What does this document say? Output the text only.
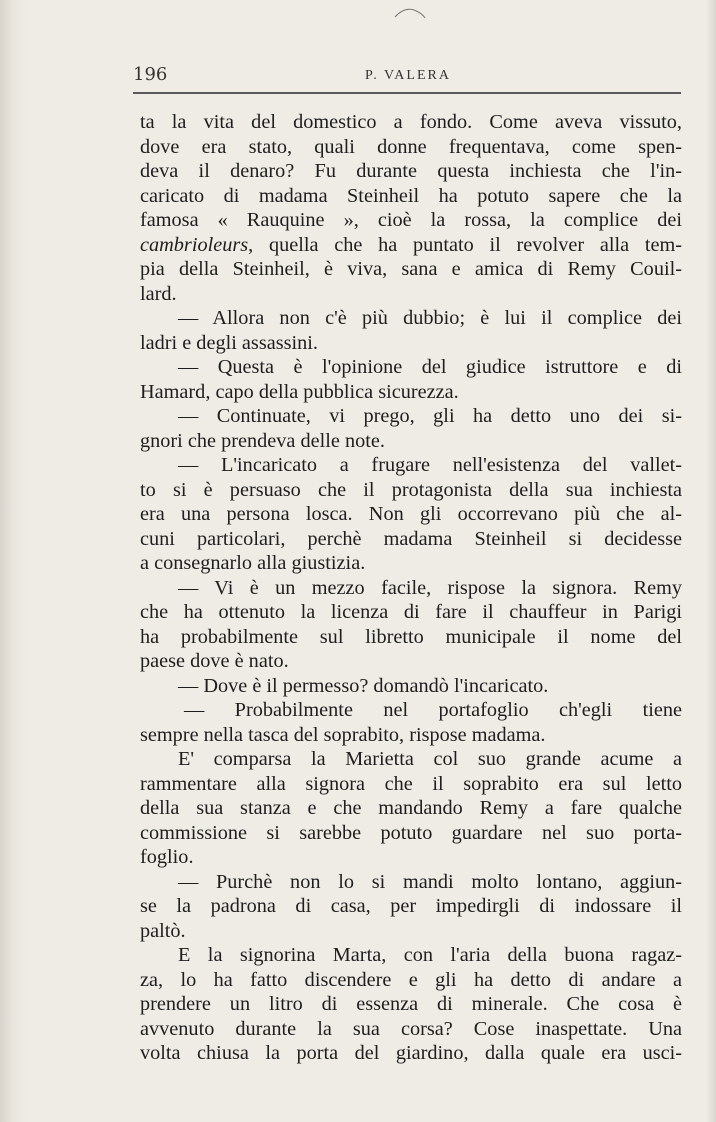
196	P. VALERA
ta la vita del domestico a fondo. Come aveva vissuto,
dove era stato, quali donne frequentava, come spen-
deva il denaro? Fu durante questa inchiesta che l'in-
caricato di madama Steinheil ha potuto sapere che la
famosa « Rauquine », cioè la rossa, la complice dei
cambrioleurs, quella che ha puntato il revolver alla tem-
pia della Steinheil, è viva, sana e amica di Remy Couil-
lard.
— Allora non c'è più dubbio; è lui il complice dei
ladri e degli assassini.
— Questa è l'opinione del giudice istruttore e di
Hamard, capo della pubblica sicurezza.
— Continuate, vi prego, gli ha detto uno dei si-
gnori che prendeva delle note.
— L'incaricato a frugare nell'esistenza del vallet-
to si è persuaso che il protagonista della sua inchiesta
era una persona losca. Non gli occorrevano più che al-
cuni particolari, perchè madama Steinheil si decidesse
a consegnarlo alla giustizia.
— Vi è un mezzo facile, rispose la signora. Remy
che ha ottenuto la licenza di fare il chauffeur in Parigi
ha probabilmente sul libretto municipale il nome del
paese dove è nato.
— Dove è il permesso? domandò l'incaricato.
— Probabilmente nel portafoglio ch'egli tiene
sempre nella tasca del soprabito, rispose madama.
E' comparsa la Marietta col suo grande acume a
rammentare alla signora che il soprabito era sul letto
della sua stanza e che mandando Remy a fare qualche
commissione si sarebbe potuto guardare nel suo porta-
foglio.
— Purchè non lo si mandi molto lontano, aggiun-
se la padrona di casa, per impedirgli di indossare il
paltò.
E la signorina Marta, con l'aria della buona ragaz-
za, lo ha fatto discendere e gli ha detto di andare a
prendere un litro di essenza di minerale. Che cosa è
avvenuto durante la sua corsa? Cose inaspettate. Una
volta chiusa la porta del giardino, dalla quale era usci-
